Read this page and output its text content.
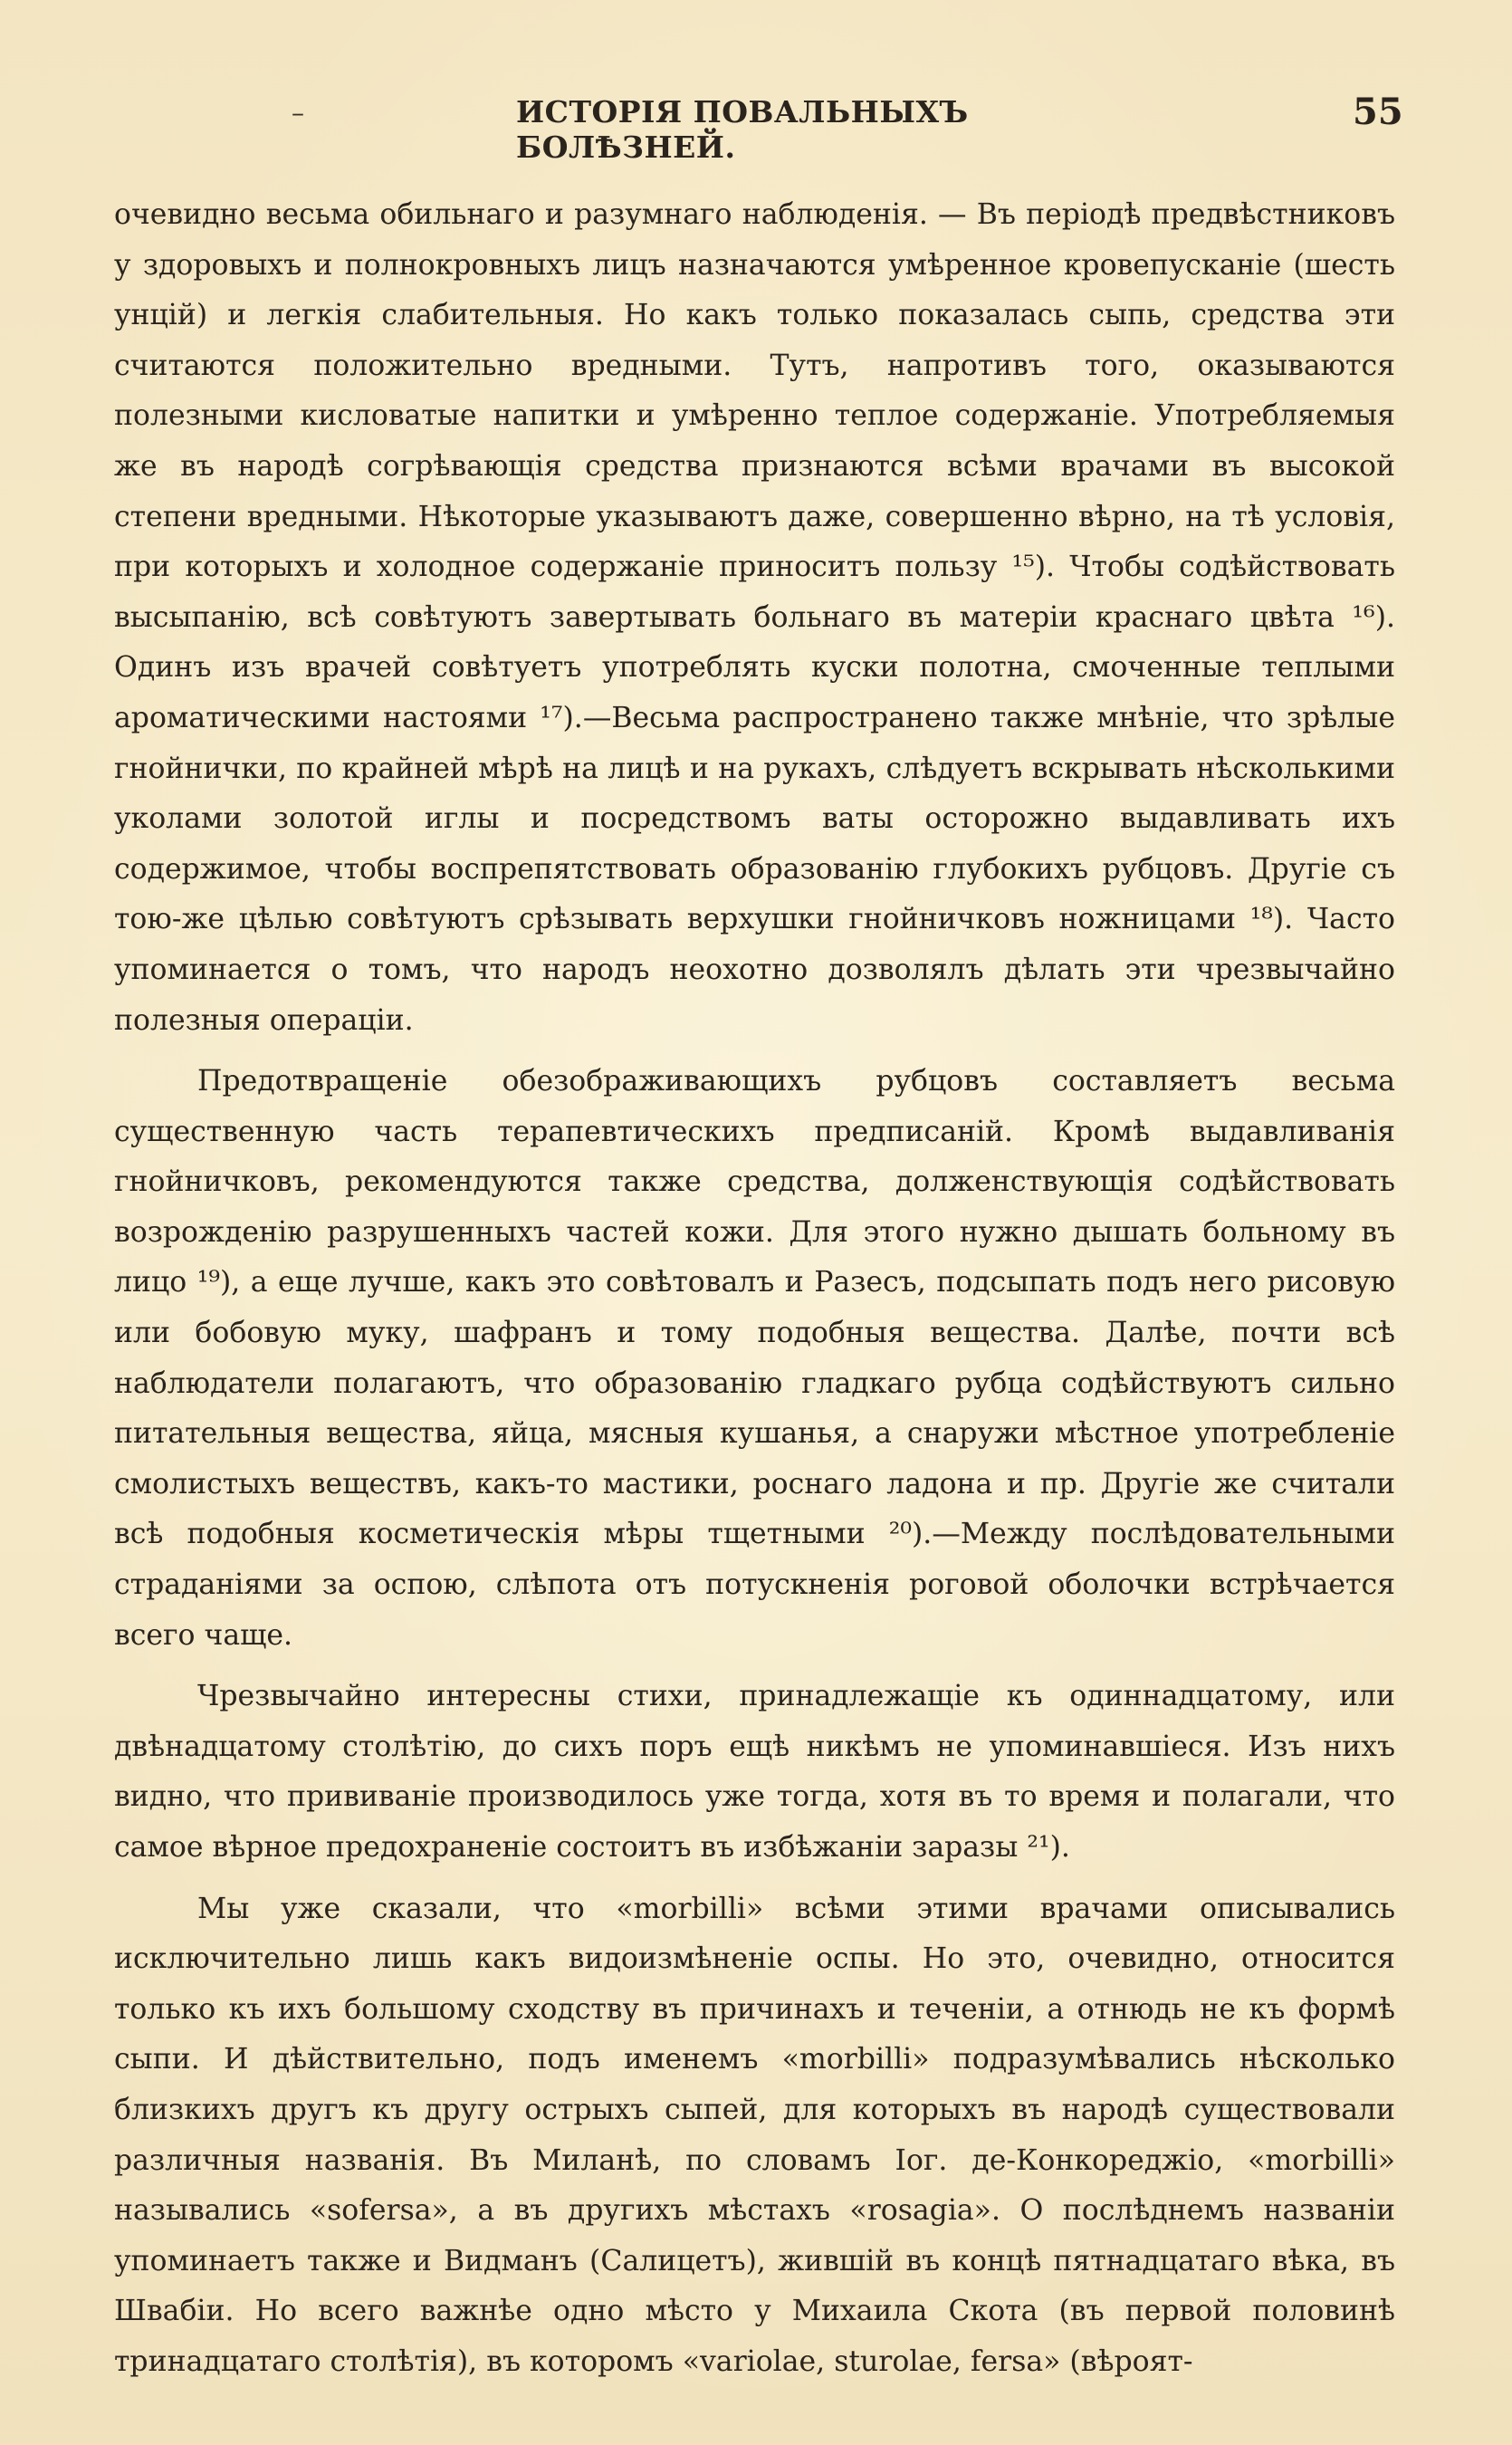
–	ИСТОРІЯ ПОВАЛЬНЫХЪ БОЛѢЗНЕЙ.
55

очевидно весьма обильнаго и разумнаго наблюденія. — Въ періодѣ предвѣстниковъ у здоровыхъ и полнокровныхъ лицъ назначаются умѣренное кровепусканіе (шесть унцій) и легкія слабительныя. Но какъ только показалась сыпь, средства эти считаются положительно вредными. Тутъ, напротивъ того, оказываются полезными кисловатые напитки и умѣренно теплое содержаніе. Употребляемыя же въ народѣ согрѣвающія средства признаются всѣми врачами въ высокой степени вредными. Нѣкоторые указываютъ даже, совершенно вѣрно, на тѣ условія, при которыхъ и холодное содержаніе приноситъ пользу ¹⁵). Чтобы содѣйствовать высыпанію, всѣ совѣтуютъ завертывать больнаго въ матеріи краснаго цвѣта ¹⁶). Одинъ изъ врачей совѣтуетъ употреблять куски полотна, смоченные теплыми ароматическими настоями ¹⁷).—Весьма распространено также мнѣніе, что зрѣлые гнойнички, по крайней мѣрѣ на лицѣ и на рукахъ, слѣдуетъ вскрывать нѣсколькими уколами золотой иглы и посредствомъ ваты осторожно выдавливать ихъ содержимое, чтобы воспрепятствовать образованію глубокихъ рубцовъ. Другіе съ тою-же цѣлью совѣтуютъ срѣзывать верхушки гнойничковъ ножницами ¹⁸). Часто упоминается о томъ, что народъ неохотно дозволялъ дѣлать эти чрезвычайно полезныя операціи.

Предотвращеніе обезображивающихъ рубцовъ составляетъ весьма существенную часть терапевтическихъ предписаній. Кромѣ выдавливанія гнойничковъ, рекомендуются также средства, долженствующія содѣйствовать возрожденію разрушенныхъ частей кожи. Для этого нужно дышать больному въ лицо ¹⁹), а еще лучше, какъ это совѣтовалъ и Разесъ, подсыпать подъ него рисовую или бобовую муку, шафранъ и тому подобныя вещества. Далѣе, почти всѣ наблюдатели полагаютъ, что образованію гладкаго рубца содѣйствуютъ сильно питательныя вещества, яйца, мясныя кушанья, а снаружи мѣстное употребленіе смолистыхъ веществъ, какъ-то мастики, роснаго ладона и пр. Другіе же считали всѣ подобныя косметическія мѣры тщетными ²⁰).—Между послѣдовательными страданіями за оспою, слѣпота отъ потускненія роговой оболочки встрѣчается всего чаще.

Чрезвычайно интересны стихи, принадлежащіе къ одиннадцатому, или двѣнадцатому столѣтію, до сихъ поръ ещѣ никѣмъ не упоминавшіеся. Изъ нихъ видно, что прививаніе производилось уже тогда, хотя въ то время и полагали, что самое вѣрное предохраненіе состоитъ въ избѣжаніи заразы ²¹).

Мы уже сказали, что «morbilli» всѣми этими врачами описывались исключительно лишь какъ видоизмѣненіе оспы. Но это, очевидно, относится только къ ихъ большому сходству въ причинахъ и теченіи, а отнюдь не къ формѣ сыпи. И дѣйствительно, подъ именемъ «morbilli» подразумѣвались нѣсколько близкихъ другъ къ другу острыхъ сыпей, для которыхъ въ народѣ существовали различныя названія. Въ Миланѣ, по словамъ Іог. де-Конкореджіо, «morbilli» назывались «sofersa», а въ другихъ мѣстахъ «rosagia». О послѣднемъ названіи упоминаетъ также и Видманъ (Салицетъ), жившій въ концѣ пятнадцатаго вѣка, въ Швабіи. Но всего важнѣе одно мѣсто у Михаила Скота (въ первой половинѣ тринадцатаго столѣтія), въ которомъ «variolae, sturolae, fersa» (вѣроят-
